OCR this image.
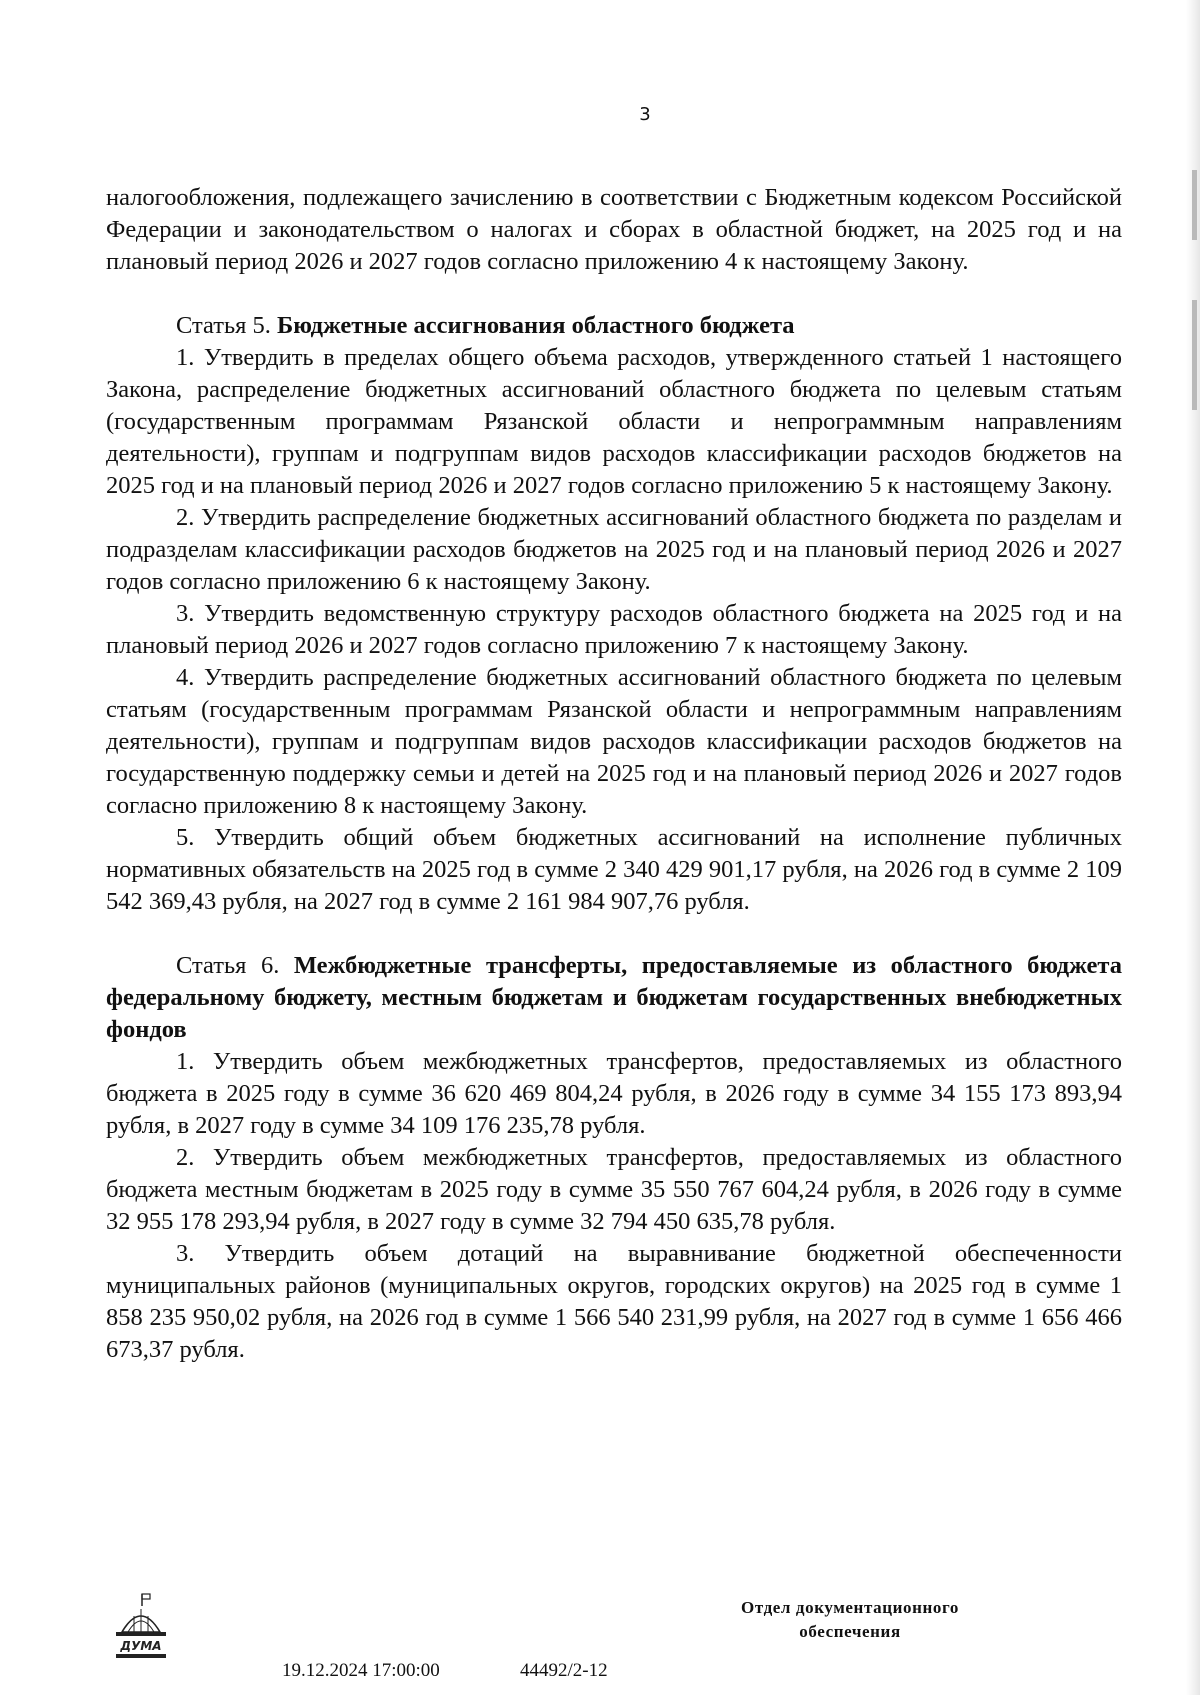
3

налогообложения, подлежащего зачислению в соответствии с Бюджетным кодексом Российской Федерации и законодательством о налогах и сборах в областной бюджет, на 2025 год и на плановый период 2026 и 2027 годов согласно приложению 4 к настоящему Закону.

Статья 5. Бюджетные ассигнования областного бюджета

1. Утвердить в пределах общего объема расходов, утвержденного статьей 1 настоящего Закона, распределение бюджетных ассигнований областного бюджета по целевым статьям (государственным программам Рязанской области и непрограммным направлениям деятельности), группам и подгруппам видов расходов классификации расходов бюджетов на 2025 год и на плановый период 2026 и 2027 годов согласно приложению 5 к настоящему Закону.

2. Утвердить распределение бюджетных ассигнований областного бюджета по разделам и подразделам классификации расходов бюджетов на 2025 год и на плановый период 2026 и 2027 годов согласно приложению 6 к настоящему Закону.

3. Утвердить ведомственную структуру расходов областного бюджета на 2025 год и на плановый период 2026 и 2027 годов согласно приложению 7 к настоящему Закону.

4. Утвердить распределение бюджетных ассигнований областного бюджета по целевым статьям (государственным программам Рязанской области и непрограммным направлениям деятельности), группам и подгруппам видов расходов классификации расходов бюджетов на государственную поддержку семьи и детей на 2025 год и на плановый период 2026 и 2027 годов согласно приложению 8 к настоящему Закону.

5. Утвердить общий объем бюджетных ассигнований на исполнение публичных нормативных обязательств на 2025 год в сумме 2 340 429 901,17 рубля, на 2026 год в сумме 2 109 542 369,43 рубля, на 2027 год в сумме 2 161 984 907,76 рубля.

Статья 6. Межбюджетные трансферты, предоставляемые из областного бюджета федеральному бюджету, местным бюджетам и бюджетам государственных внебюджетных фондов

1. Утвердить объем межбюджетных трансфертов, предоставляемых из областного бюджета в 2025 году в сумме 36 620 469 804,24 рубля, в 2026 году в сумме 34 155 173 893,94 рубля, в 2027 году в сумме 34 109 176 235,78 рубля.

2. Утвердить объем межбюджетных трансфертов, предоставляемых из областного бюджета местным бюджетам в 2025 году в сумме 35 550 767 604,24 рубля, в 2026 году в сумме 32 955 178 293,94 рубля, в 2027 году в сумме 32 794 450 635,78 рубля.

3. Утвердить объем дотаций на выравнивание бюджетной обеспеченности муниципальных районов (муниципальных округов, городских округов) на 2025 год в сумме 1 858 235 950,02 рубля, на 2026 год в сумме 1 566 540 231,99 рубля, на 2027 год в сумме 1 656 466 673,37 рубля.

ДУМА
19.12.2024 17:00:00	44492/2-12
Отдел документационного
обеспечения
